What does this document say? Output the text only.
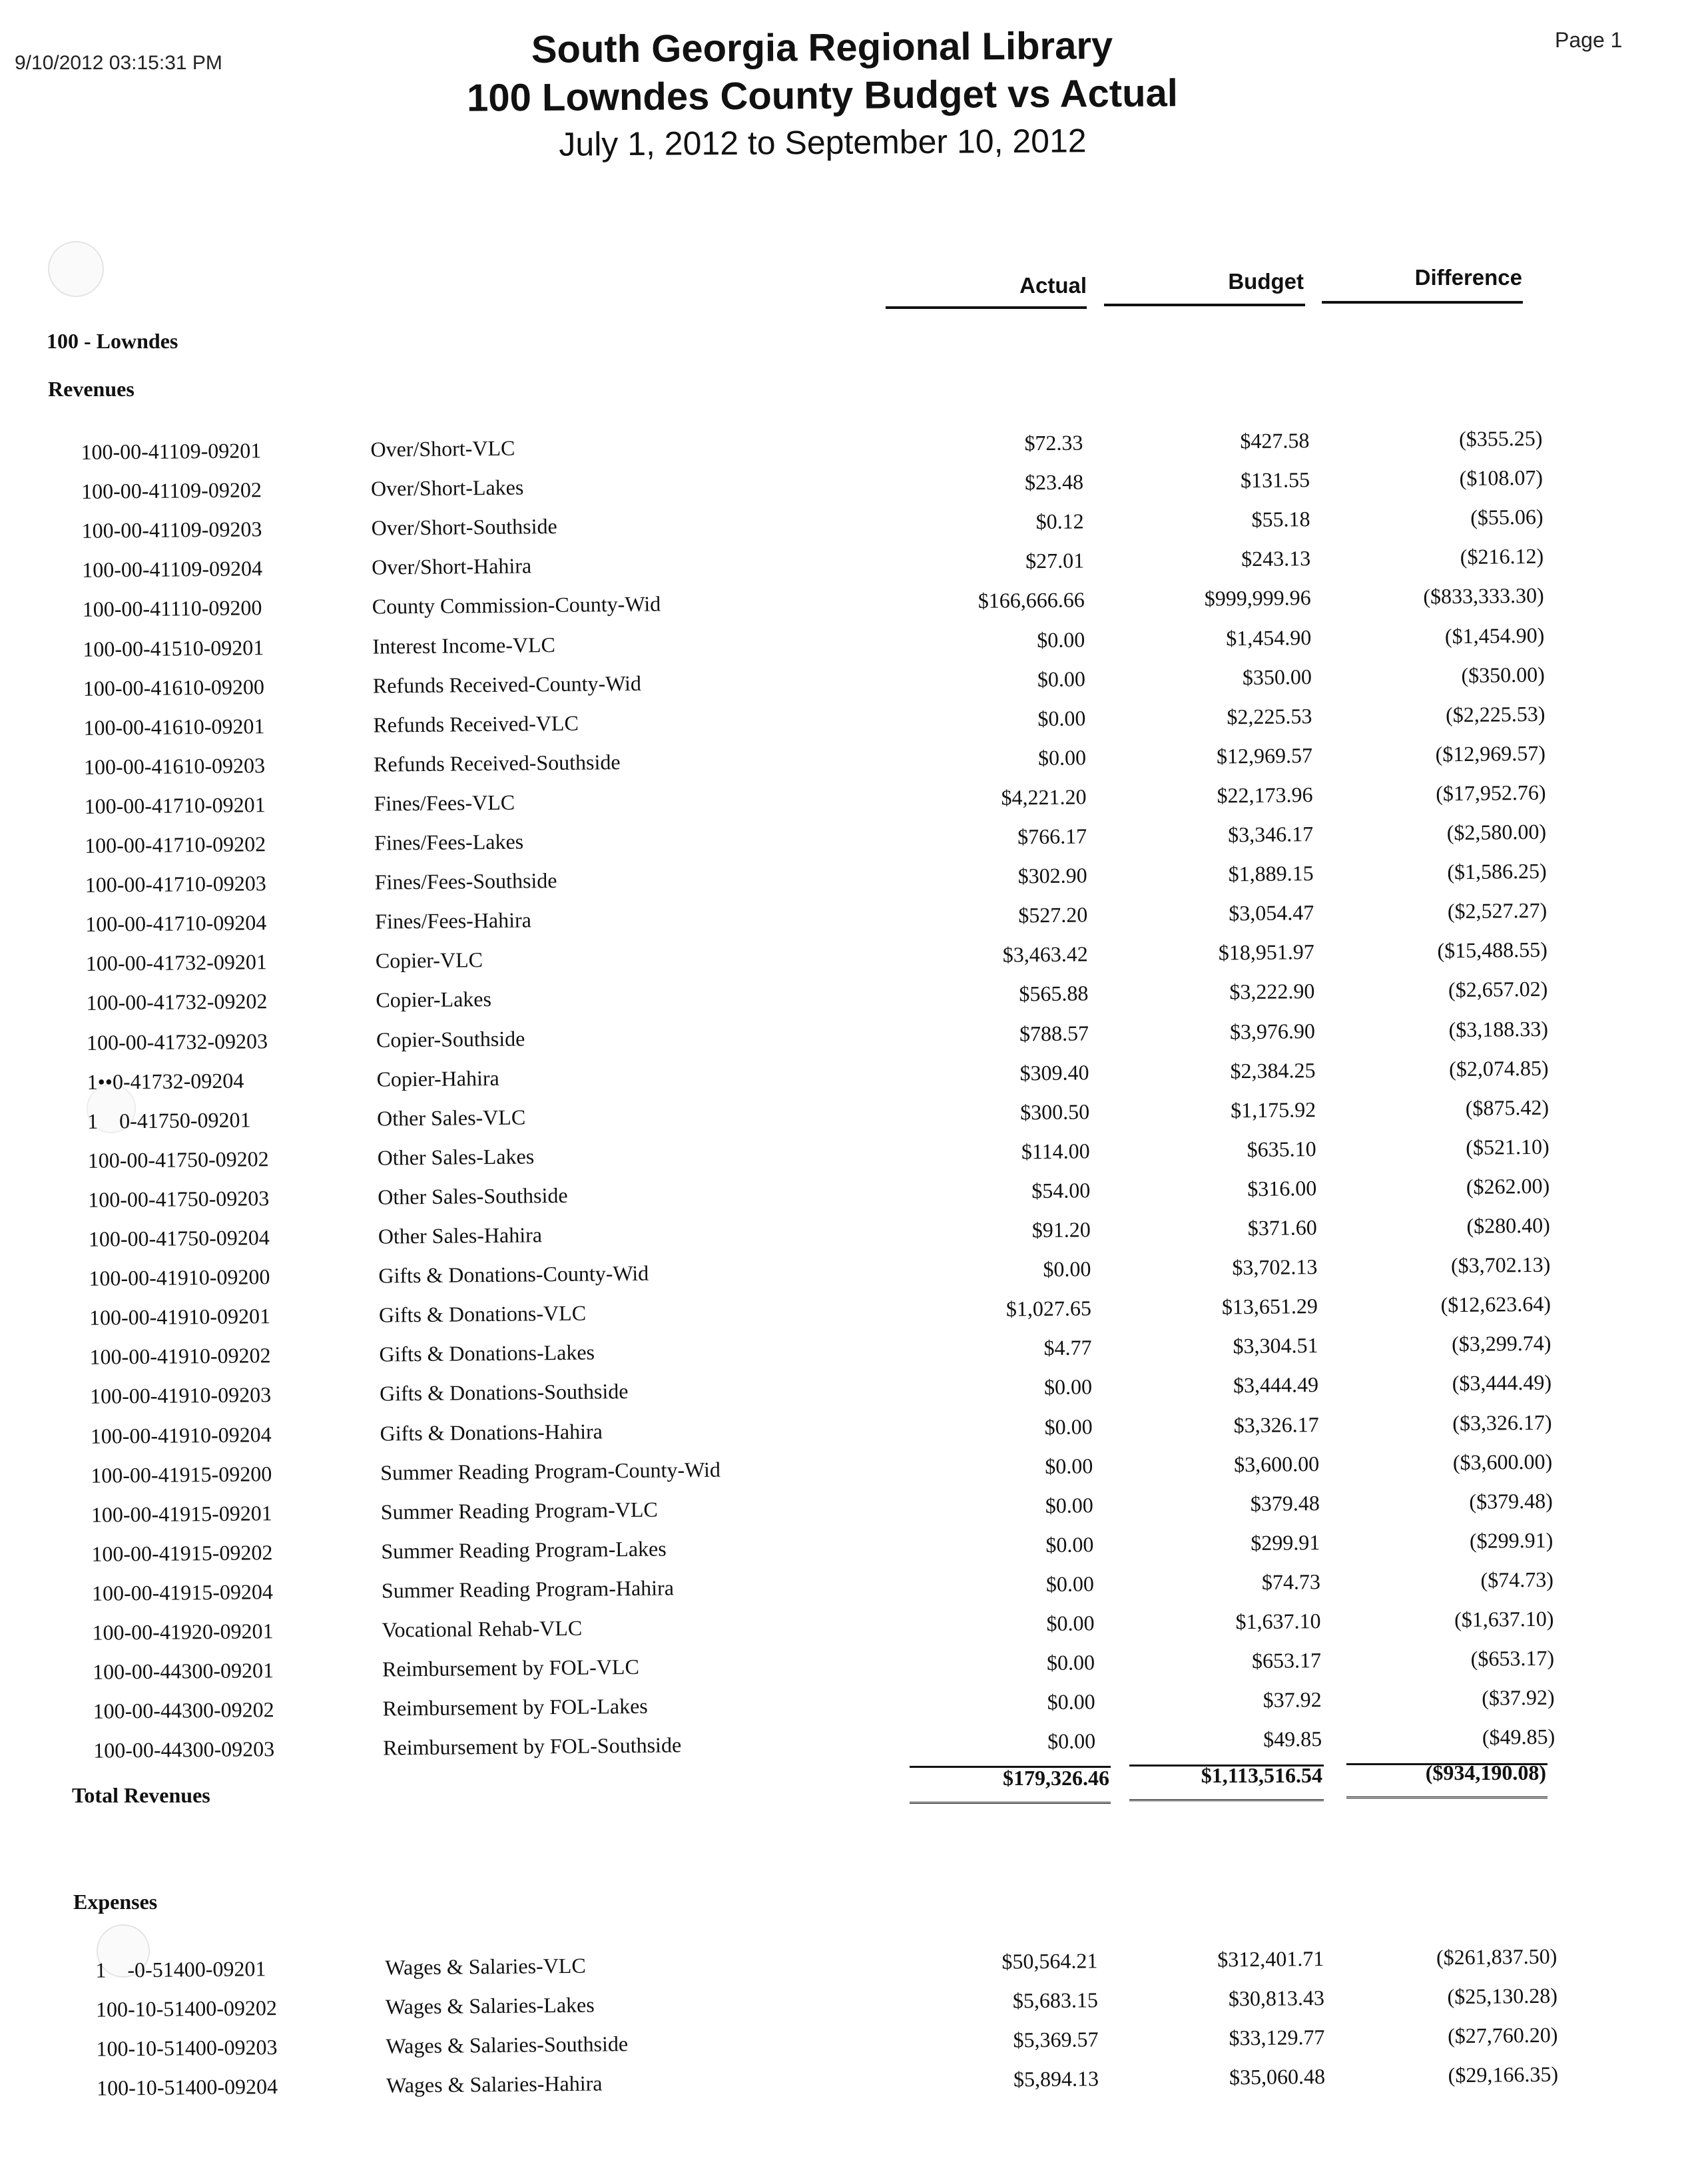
9/10/2012 03:15:31 PM
Page 1
South Georgia Regional Library
100 Lowndes County Budget vs Actual
July 1, 2012 to September 10, 2012
Actual	Budget	Difference
100 - Lowndes
Revenues
100-00-41109-09201	Over/Short-VLC	$72.33	$427.58	($355.25)
100-00-41109-09202	Over/Short-Lakes	$23.48	$131.55	($108.07)
100-00-41109-09203	Over/Short-Southside	$0.12	$55.18	($55.06)
100-00-41109-09204	Over/Short-Hahira	$27.01	$243.13	($216.12)
100-00-41110-09200	County Commission-County-Wid	$166,666.66	$999,999.96	($833,333.30)
100-00-41510-09201	Interest Income-VLC	$0.00	$1,454.90	($1,454.90)
100-00-41610-09200	Refunds Received-County-Wid	$0.00	$350.00	($350.00)
100-00-41610-09201	Refunds Received-VLC	$0.00	$2,225.53	($2,225.53)
100-00-41610-09203	Refunds Received-Southside	$0.00	$12,969.57	($12,969.57)
100-00-41710-09201	Fines/Fees-VLC	$4,221.20	$22,173.96	($17,952.76)
100-00-41710-09202	Fines/Fees-Lakes	$766.17	$3,346.17	($2,580.00)
100-00-41710-09203	Fines/Fees-Southside	$302.90	$1,889.15	($1,586.25)
100-00-41710-09204	Fines/Fees-Hahira	$527.20	$3,054.47	($2,527.27)
100-00-41732-09201	Copier-VLC	$3,463.42	$18,951.97	($15,488.55)
100-00-41732-09202	Copier-Lakes	$565.88	$3,222.90	($2,657.02)
100-00-41732-09203	Copier-Southside	$788.57	$3,976.90	($3,188.33)
1••0-41732-09204	Copier-Hahira	$309.40	$2,384.25	($2,074.85)
1    0-41750-09201	Other Sales-VLC	$300.50	$1,175.92	($875.42)
100-00-41750-09202	Other Sales-Lakes	$114.00	$635.10	($521.10)
100-00-41750-09203	Other Sales-Southside	$54.00	$316.00	($262.00)
100-00-41750-09204	Other Sales-Hahira	$91.20	$371.60	($280.40)
100-00-41910-09200	Gifts & Donations-County-Wid	$0.00	$3,702.13	($3,702.13)
100-00-41910-09201	Gifts & Donations-VLC	$1,027.65	$13,651.29	($12,623.64)
100-00-41910-09202	Gifts & Donations-Lakes	$4.77	$3,304.51	($3,299.74)
100-00-41910-09203	Gifts & Donations-Southside	$0.00	$3,444.49	($3,444.49)
100-00-41910-09204	Gifts & Donations-Hahira	$0.00	$3,326.17	($3,326.17)
100-00-41915-09200	Summer Reading Program-County-Wid	$0.00	$3,600.00	($3,600.00)
100-00-41915-09201	Summer Reading Program-VLC	$0.00	$379.48	($379.48)
100-00-41915-09202	Summer Reading Program-Lakes	$0.00	$299.91	($299.91)
100-00-41915-09204	Summer Reading Program-Hahira	$0.00	$74.73	($74.73)
100-00-41920-09201	Vocational Rehab-VLC	$0.00	$1,637.10	($1,637.10)
100-00-44300-09201	Reimbursement by FOL-VLC	$0.00	$653.17	($653.17)
100-00-44300-09202	Reimbursement by FOL-Lakes	$0.00	$37.92	($37.92)
100-00-44300-09203	Reimbursement by FOL-Southside	$0.00	$49.85	($49.85)
Total Revenues
$179,326.46	$1,113,516.54	($934,190.08)
Expenses
1    -0-51400-09201	Wages & Salaries-VLC	$50,564.21	$312,401.71	($261,837.50)
100-10-51400-09202	Wages & Salaries-Lakes	$5,683.15	$30,813.43	($25,130.28)
100-10-51400-09203	Wages & Salaries-Southside	$5,369.57	$33,129.77	($27,760.20)
100-10-51400-09204	Wages & Salaries-Hahira	$5,894.13	$35,060.48	($29,166.35)
